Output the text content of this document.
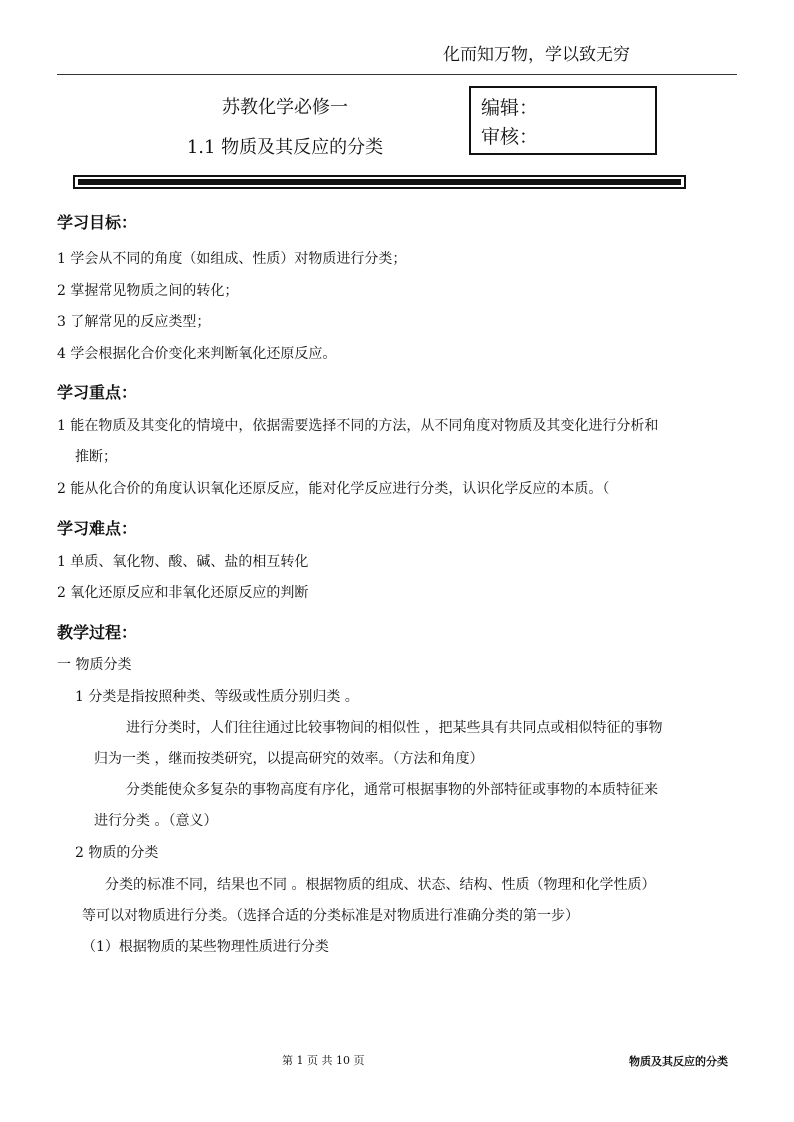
化而知万物，学以致无穷
苏教化学必修一
1.1 物质及其反应的分类
编辑：
审核：
学习目标：
1 学会从不同的角度（如组成、性质）对物质进行分类；
2 掌握常见物质之间的转化；
3 了解常见的反应类型；
4 学会根据化合价变化来判断氧化还原反应。
学习重点：
1 能在物质及其变化的情境中，依据需要选择不同的方法，从不同角度对物质及其变化进行分析和
推断；
2 能从化合价的角度认识氧化还原反应，能对化学反应进行分类，认识化学反应的本质。（
学习难点：
1 单质、氧化物、酸、碱、盐的相互转化
2 氧化还原反应和非氧化还原反应的判断
教学过程：
一 物质分类
1 分类是指按照种类、等级或性质分别归类 。
进行分类时，人们往往通过比较事物间的相似性 ，把某些具有共同点或相似特征的事物
归为一类 ，继而按类研究，以提高研究的效率。（方法和角度）
分类能使众多复杂的事物高度有序化，通常可根据事物的外部特征或事物的本质特征来
进行分类 。（意义）
2 物质的分类
分类的标准不同，结果也不同 。根据物质的组成、状态、结构、性质（物理和化学性质）
等可以对物质进行分类。（选择合适的分类标准是对物质进行准确分类的第一步）
（1）根据物质的某些物理性质进行分类
第 1 页 共 10 页	物质及其反应的分类
